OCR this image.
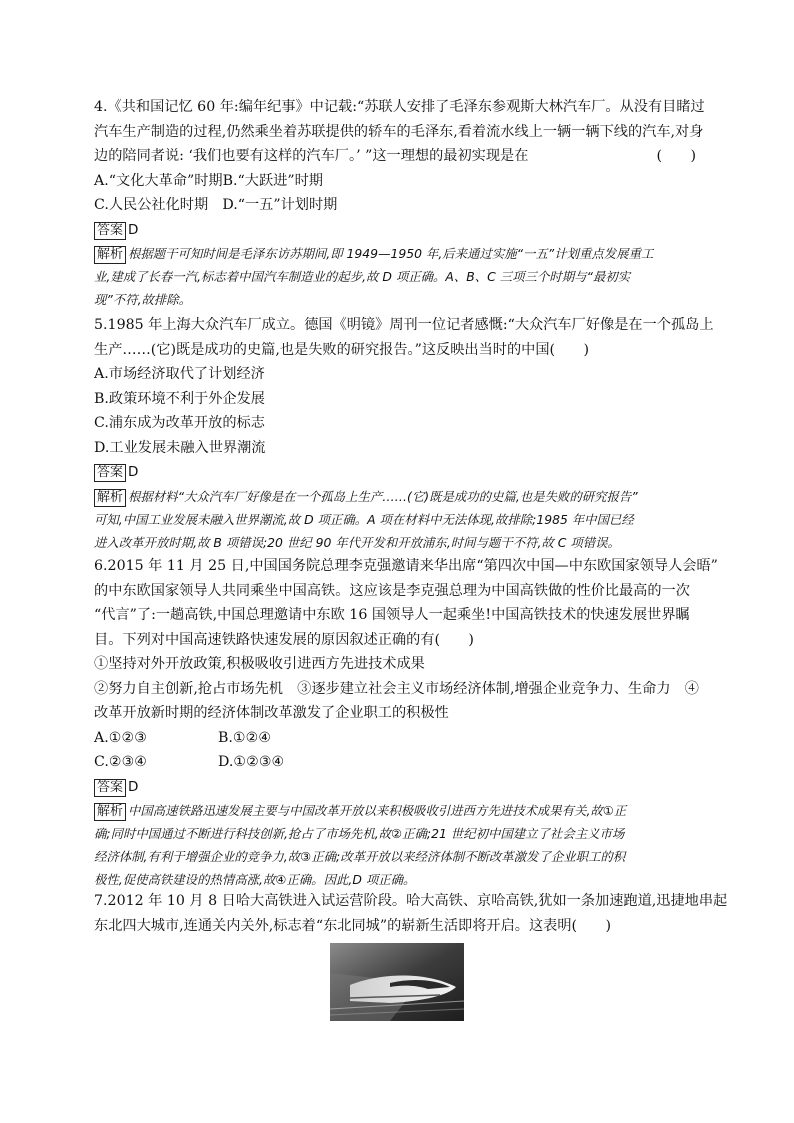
4.《共和国记忆 60 年:编年纪事》中记载:“苏联人安排了毛泽东参观斯大林汽车厂。从没有目睹过
汽车生产制造的过程,仍然乘坐着苏联提供的轿车的毛泽东,看着流水线上一辆一辆下线的汽车,对身
边的陪同者说: ‘我们也要有这样的汽车厂。’ ”这一理想的最初实现是在	(　　)
A.“文化大革命”时期B.“大跃进”时期
C.人民公社化时期　D.“一五”计划时期
答案 D
解析 根据题干可知时间是毛泽东访苏期间,即 1949—1950 年,后来通过实施“一五”计划重点发展重工
业,建成了长春一汽,标志着中国汽车制造业的起步,故 D 项正确。A、B、C 三项三个时期与“最初实
现”不符,故排除。
5.1985 年上海大众汽车厂成立。德国《明镜》周刊一位记者感慨:“大众汽车厂好像是在一个孤岛上
生产……(它)既是成功的史篇,也是失败的研究报告。”这反映出当时的中国(　　)
A.市场经济取代了计划经济
B.政策环境不利于外企发展
C.浦东成为改革开放的标志
D.工业发展未融入世界潮流
答案 D
解析 根据材料“大众汽车厂好像是在一个孤岛上生产……(它)既是成功的史篇,也是失败的研究报告”
可知,中国工业发展未融入世界潮流,故 D 项正确。A 项在材料中无法体现,故排除;1985 年中国已经
进入改革开放时期,故 B 项错误;20 世纪 90 年代开发和开放浦东,时间与题干不符,故 C 项错误。
6.2015 年 11 月 25 日,中国国务院总理李克强邀请来华出席“第四次中国—中东欧国家领导人会晤”
的中东欧国家领导人共同乘坐中国高铁。这应该是李克强总理为中国高铁做的性价比最高的一次
“代言”了:一趟高铁,中国总理邀请中东欧 16 国领导人一起乘坐!中国高铁技术的快速发展世界瞩
目。下列对中国高速铁路快速发展的原因叙述正确的有(　　)
①坚持对外开放政策,积极吸收引进西方先进技术成果
②努力自主创新,抢占市场先机　③逐步建立社会主义市场经济体制,增强企业竞争力、生命力　④
改革开放新时期的经济体制改革激发了企业职工的积极性
A.①②③	B.①②④
C.②③④	D.①②③④
答案 D
解析 中国高速铁路迅速发展主要与中国改革开放以来积极吸收引进西方先进技术成果有关,故①正
确;同时中国通过不断进行科技创新,抢占了市场先机,故②正确;21 世纪初中国建立了社会主义市场
经济体制,有利于增强企业的竞争力,故③正确;改革开放以来经济体制不断改革激发了企业职工的积
极性,促使高铁建设的热情高涨,故④正确。因此,D 项正确。
7.2012 年 10 月 8 日哈大高铁进入试运营阶段。哈大高铁、京哈高铁,犹如一条加速跑道,迅捷地串起
东北四大城市,连通关内关外,标志着“东北同城”的崭新生活即将开启。这表明(　　)
